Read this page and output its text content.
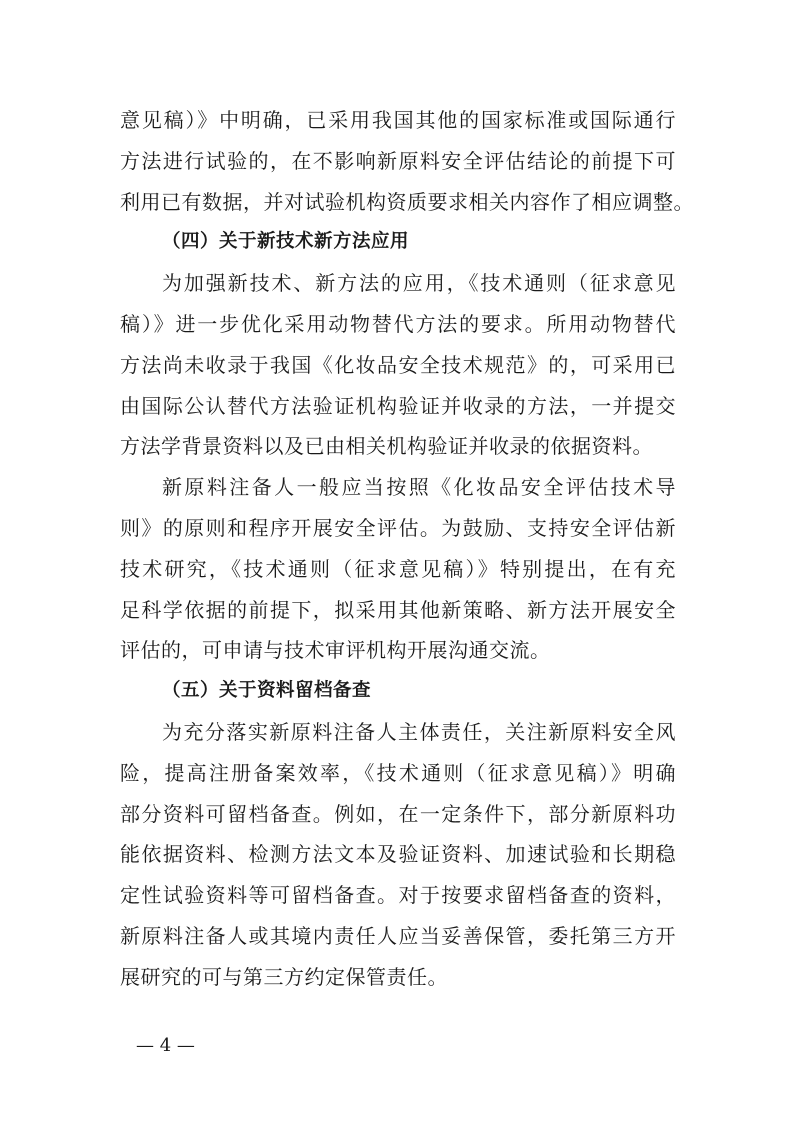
意见稿）》中明确，已采用我国其他的国家标准或国际通行
方法进行试验的，在不影响新原料安全评估结论的前提下可
利用已有数据，并对试验机构资质要求相关内容作了相应调整。
（四）关于新技术新方法应用
为加强新技术、新方法的应用，《技术通则（征求意见
稿）》进一步优化采用动物替代方法的要求。所用动物替代
方法尚未收录于我国《化妆品安全技术规范》的，可采用已
由国际公认替代方法验证机构验证并收录的方法，一并提交
方法学背景资料以及已由相关机构验证并收录的依据资料。
新原料注备人一般应当按照《化妆品安全评估技术导
则》的原则和程序开展安全评估。为鼓励、支持安全评估新
技术研究，《技术通则（征求意见稿）》特别提出，在有充
足科学依据的前提下，拟采用其他新策略、新方法开展安全
评估的，可申请与技术审评机构开展沟通交流。
（五）关于资料留档备查
为充分落实新原料注备人主体责任，关注新原料安全风
险，提高注册备案效率，《技术通则（征求意见稿）》明确
部分资料可留档备查。例如，在一定条件下，部分新原料功
能依据资料、检测方法文本及验证资料、加速试验和长期稳
定性试验资料等可留档备查。对于按要求留档备查的资料，
新原料注备人或其境内责任人应当妥善保管，委托第三方开
展研究的可与第三方约定保管责任。
— 4 —
